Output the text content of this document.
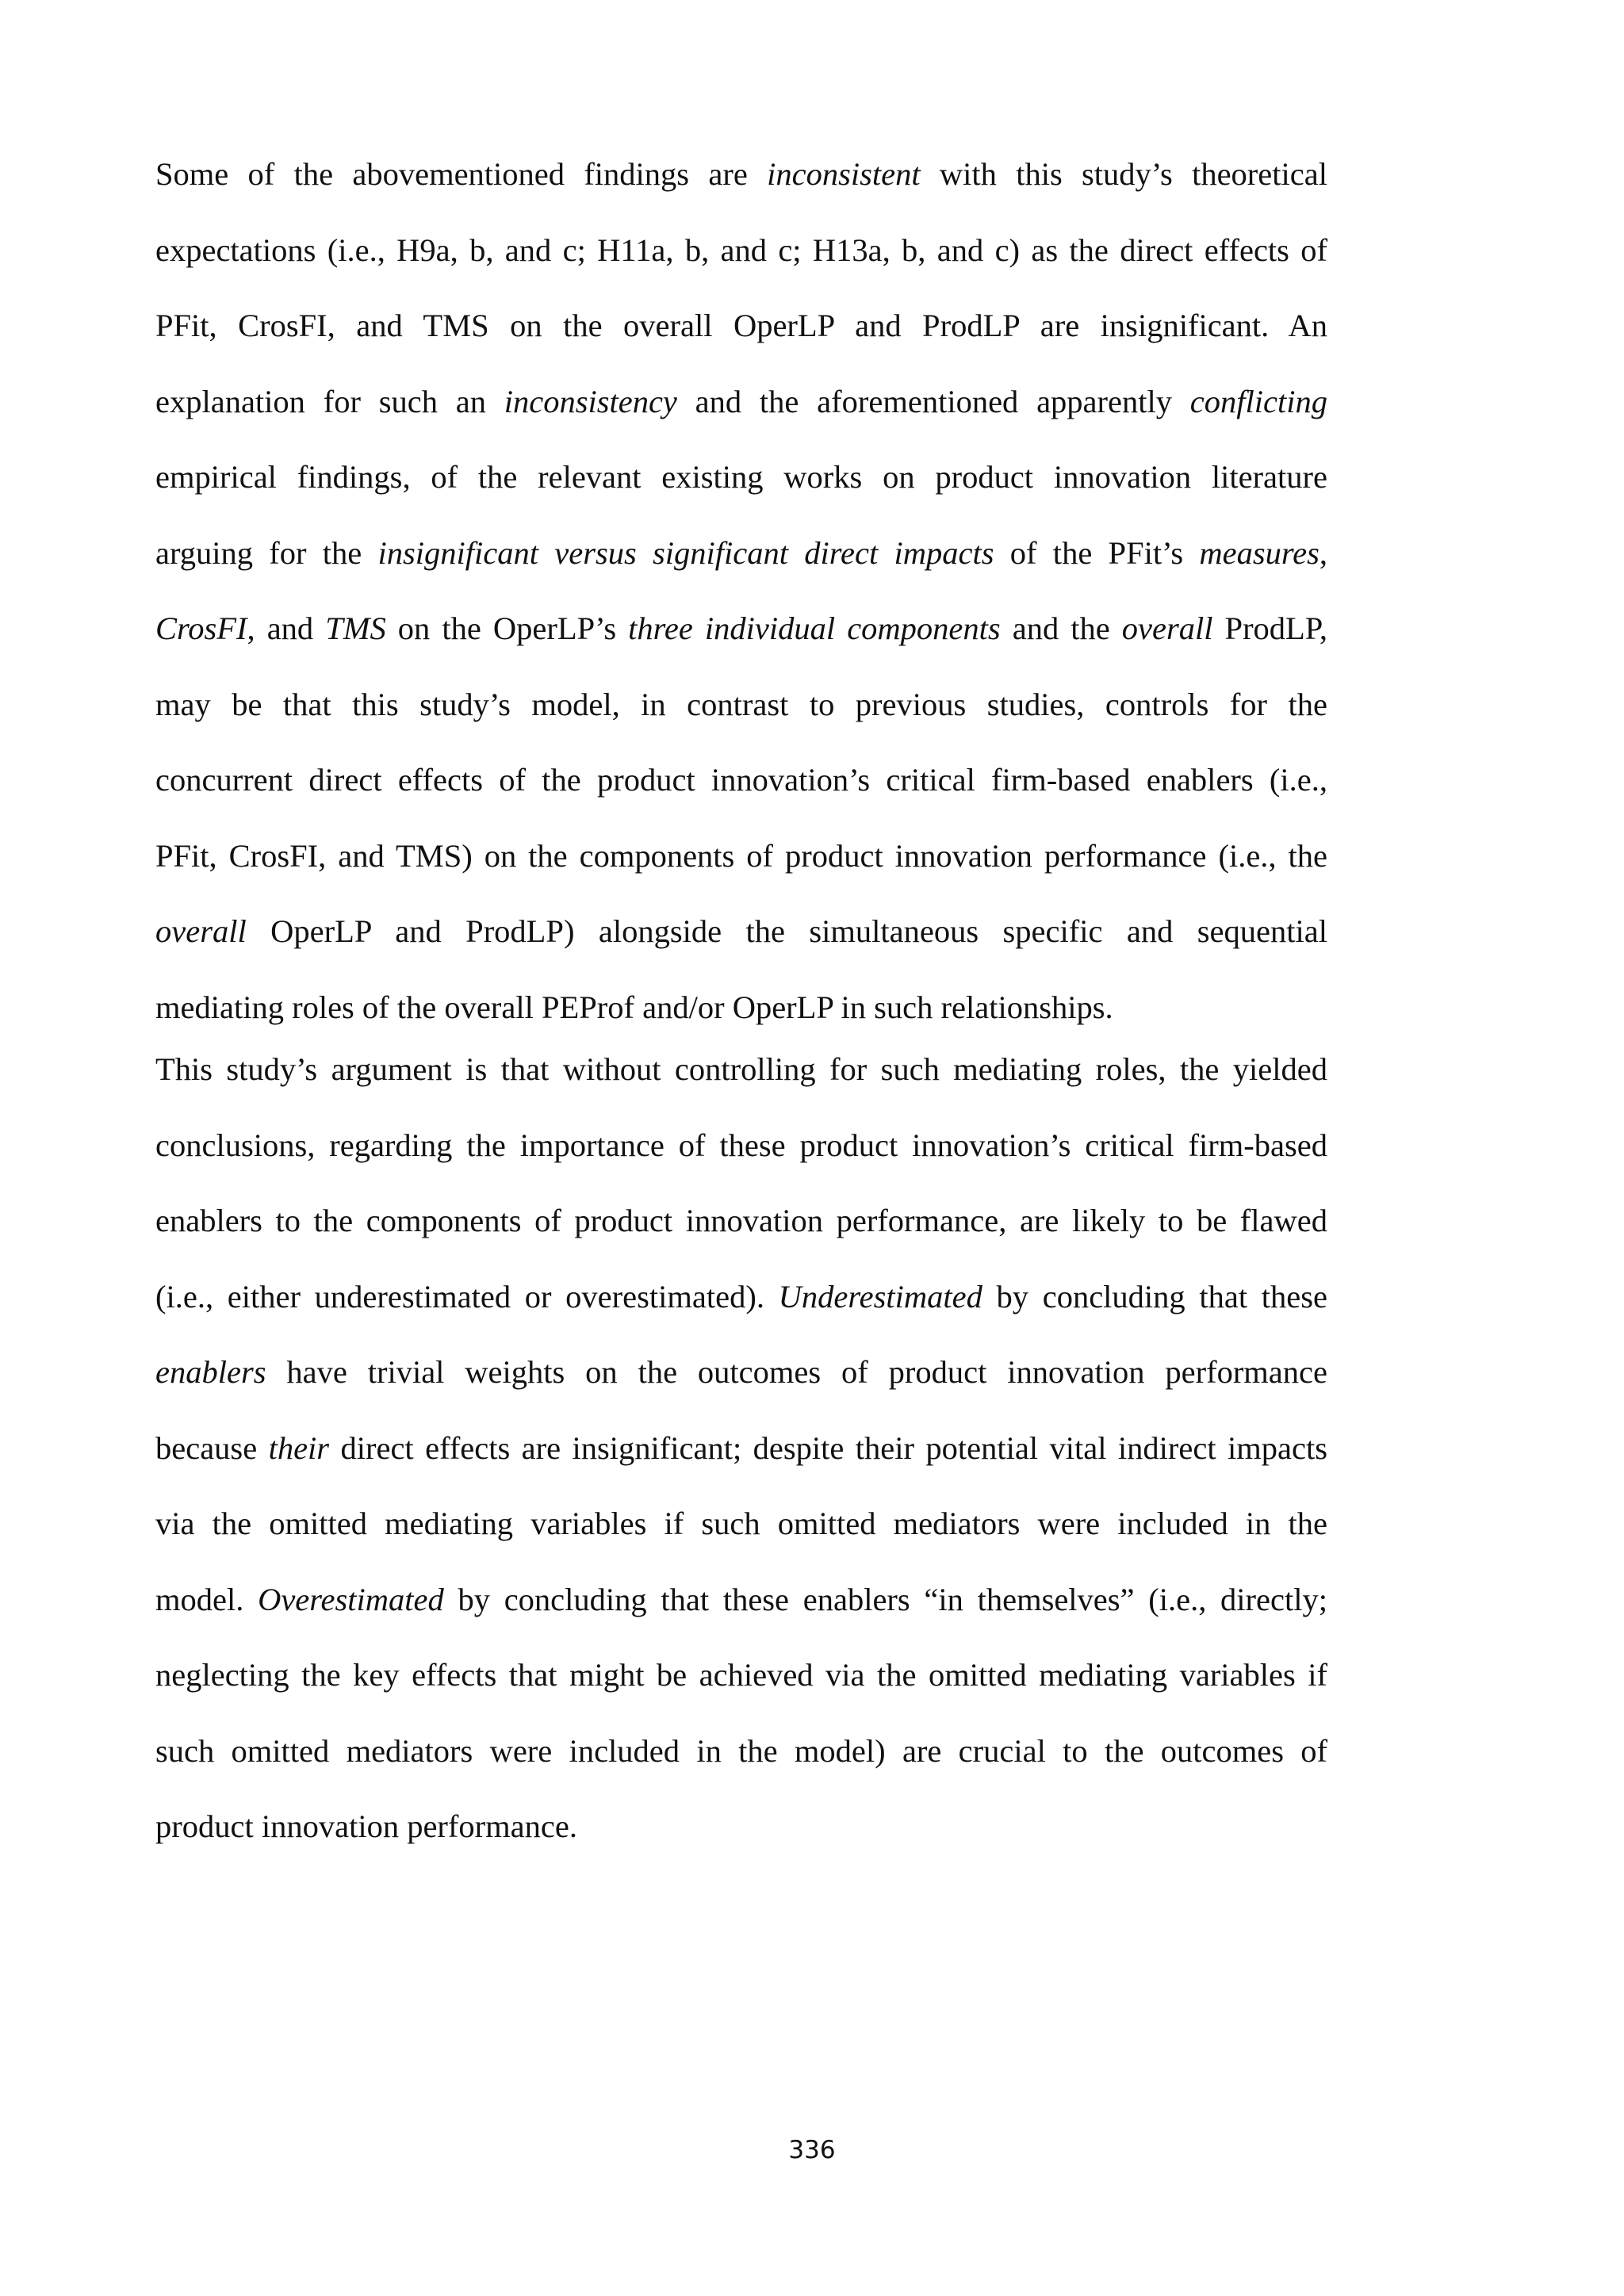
Some of the abovementioned findings are inconsistent with this study’s theoretical
expectations (i.e., H9a, b, and c; H11a, b, and c; H13a, b, and c) as the direct effects of
PFit, CrosFI, and TMS on the overall OperLP and ProdLP are insignificant. An
explanation for such an inconsistency and the aforementioned apparently conflicting
empirical findings, of the relevant existing works on product innovation literature
arguing for the insignificant versus significant direct impacts of the PFit’s measures,
CrosFI, and TMS on the OperLP’s three individual components and the overall ProdLP,
may be that this study’s model, in contrast to previous studies, controls for the
concurrent direct effects of the product innovation’s critical firm-based enablers (i.e.,
PFit, CrosFI, and TMS) on the components of product innovation performance (i.e., the
overall OperLP and ProdLP) alongside the simultaneous specific and sequential
mediating roles of the overall PEProf and/or OperLP in such relationships.
This study’s argument is that without controlling for such mediating roles, the yielded
conclusions, regarding the importance of these product innovation’s critical firm-based
enablers to the components of product innovation performance, are likely to be flawed
(i.e., either underestimated or overestimated). Underestimated by concluding that these
enablers have trivial weights on the outcomes of product innovation performance
because their direct effects are insignificant; despite their potential vital indirect impacts
via the omitted mediating variables if such omitted mediators were included in the
model. Overestimated by concluding that these enablers “in themselves” (i.e., directly;
neglecting the key effects that might be achieved via the omitted mediating variables if
such omitted mediators were included in the model) are crucial to the outcomes of
product innovation performance.
336
